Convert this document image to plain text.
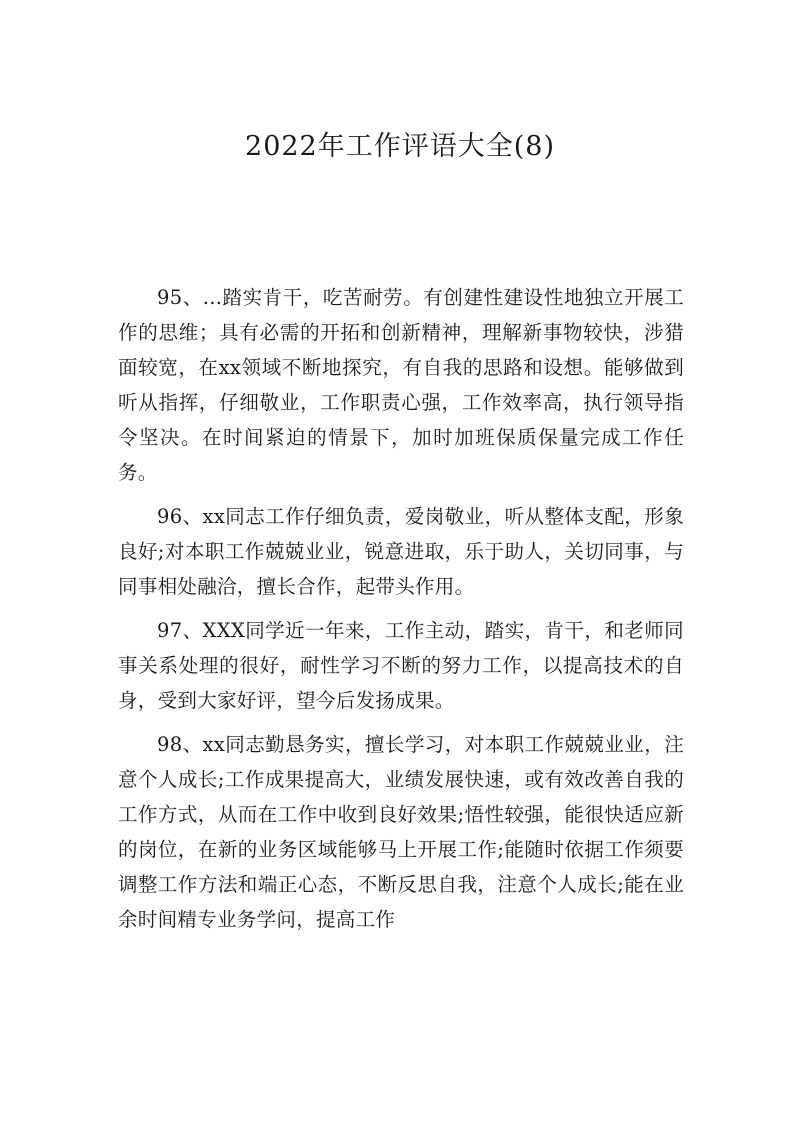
2022年工作评语大全(8)

95、...踏实肯干，吃苦耐劳。有创建性建设性地独立开展工作的思维；具有必需的开拓和创新精神，理解新事物较快，涉猎面较宽，在xx领域不断地探究，有自我的思路和设想。能够做到听从指挥，仔细敬业，工作职责心强，工作效率高，执行领导指令坚决。在时间紧迫的情景下，加时加班保质保量完成工作任务。

96、xx同志工作仔细负责，爱岗敬业，听从整体支配，形象良好;对本职工作兢兢业业，锐意进取，乐于助人，关切同事，与同事相处融洽，擅长合作，起带头作用。

97、XXX同学近一年来，工作主动，踏实，肯干，和老师同事关系处理的很好，耐性学习不断的努力工作，以提高技术的自身，受到大家好评，望今后发扬成果。

98、xx同志勤恳务实，擅长学习，对本职工作兢兢业业，注意个人成长;工作成果提高大，业绩发展快速，或有效改善自我的工作方式，从而在工作中收到良好效果;悟性较强，能很快适应新的岗位，在新的业务区域能够马上开展工作;能随时依据工作须要调整工作方法和端正心态，不断反思自我，注意个人成长;能在业余时间精专业务学问，提高工作
